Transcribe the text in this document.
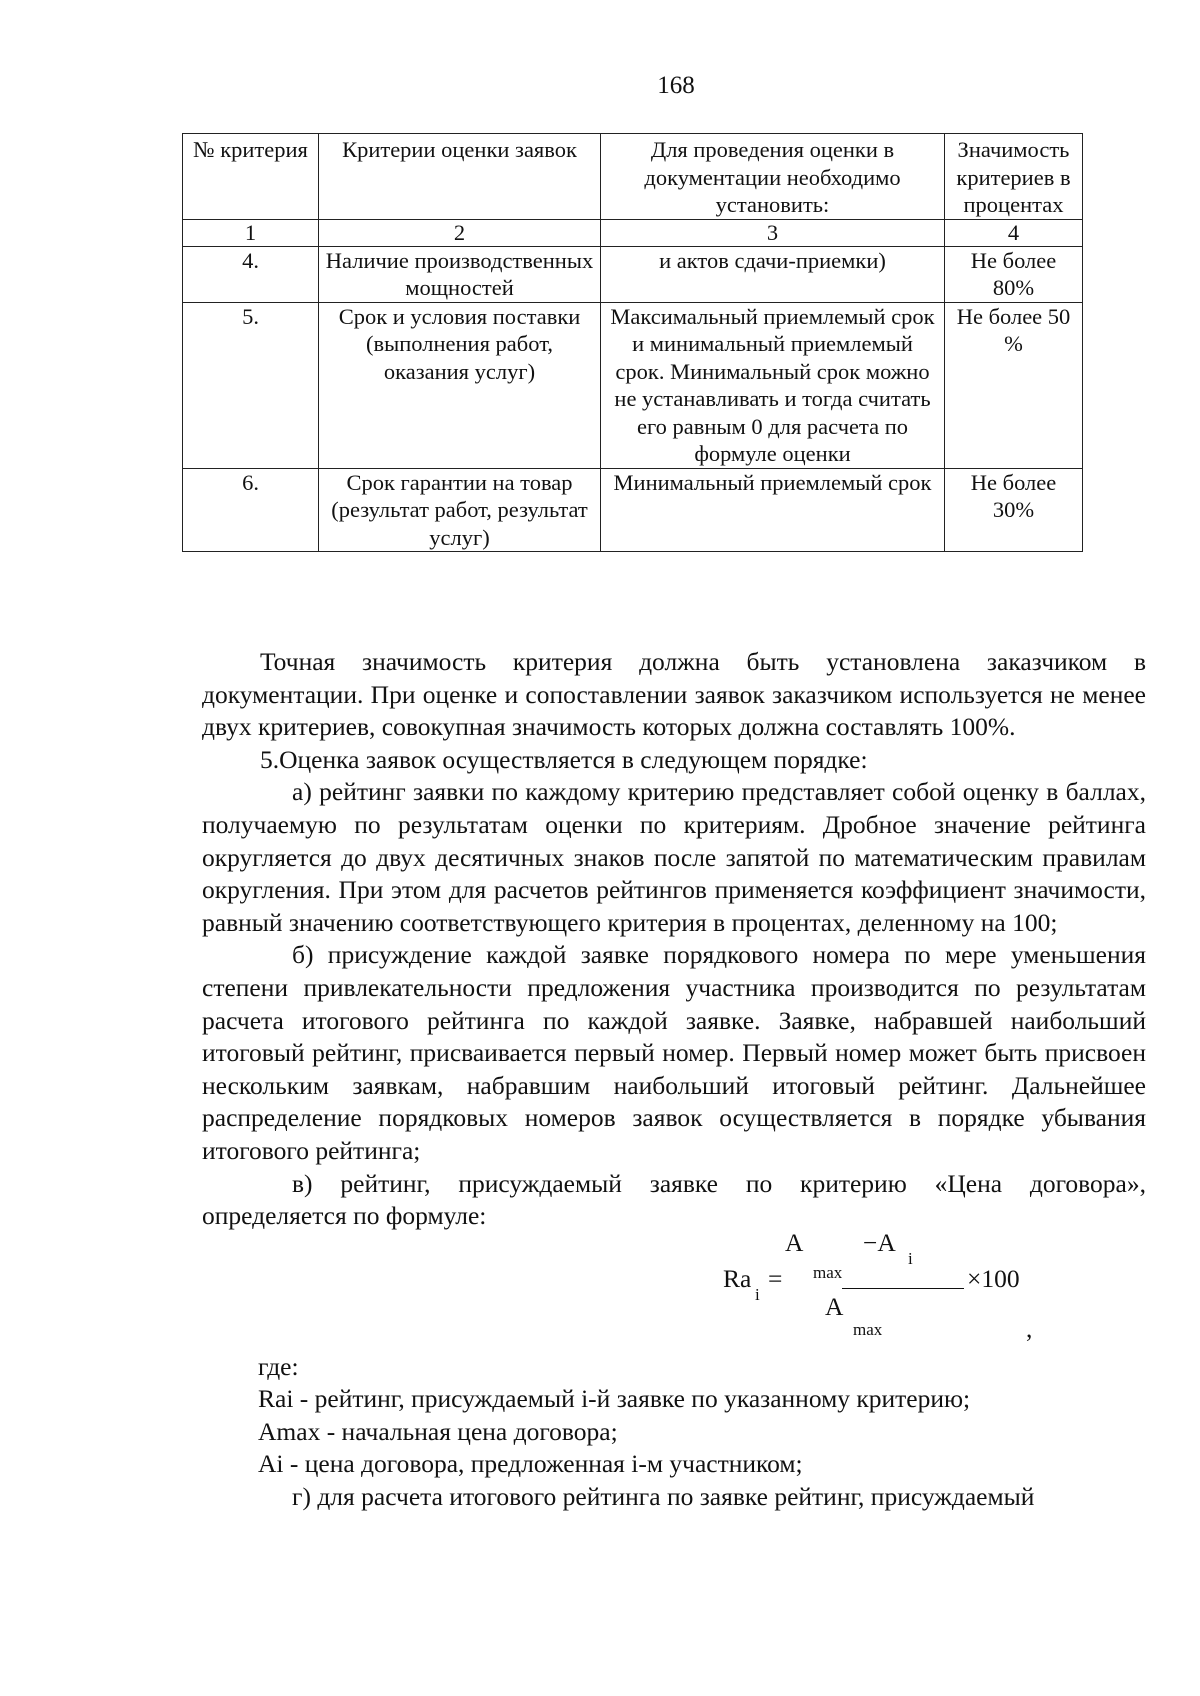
168
№ критерия	Критерии оценки заявок	Для проведения оценки в документации необходимо установить:	Значимость критериев в процентах
1	2	3	4
4.	Наличие производственных мощностей	и актов сдачи-приемки)	Не более 80%
5.	Срок и условия поставки (выполнения работ, оказания услуг)	Максимальный приемлемый срок и минимальный приемлемый срок. Минимальный срок можно не устанавливать и тогда считать его равным 0 для расчета по формуле оценки	Не более 50 %
6.	Срок гарантии на товар (результат работ, результат услуг)	Минимальный приемлемый срок	Не более 30%

Точная значимость критерия должна быть установлена заказчиком в документации. При оценке и сопоставлении заявок заказчиком используется не менее двух критериев, совокупная значимость которых должна составлять 100%.

5.Оценка заявок осуществляется в следующем порядке:

а) рейтинг заявки по каждому критерию представляет собой оценку в баллах, получаемую по результатам оценки по критериям. Дробное значение рейтинга округляется до двух десятичных знаков после запятой по математическим правилам округления. При этом для расчетов рейтингов применяется коэффициент значимости, равный значению соответствующего критерия в процентах, деленному на 100;

б) присуждение каждой заявке порядкового номера по мере уменьшения степени привлекательности предложения участника производится по результатам расчета итогового рейтинга по каждой заявке. Заявке, набравшей наибольший итоговый рейтинг, присваивается первый номер. Первый номер может быть присвоен нескольким заявкам, набравшим наибольший итоговый рейтинг. Дальнейшее распределение порядковых номеров заявок осуществляется в порядке убывания итогового рейтинга;

в) рейтинг, присуждаемый заявке по критерию «Цена договора», определяется по формуле:

A
max
−A
i
Ra
i
=	×100
A
max	,

где:

Rai - рейтинг, присуждаемый i-й заявке по указанному критерию;

Amax - начальная цена договора;

Ai - цена договора, предложенная i-м участником;

г) для расчета итогового рейтинга по заявке рейтинг, присуждаемый
